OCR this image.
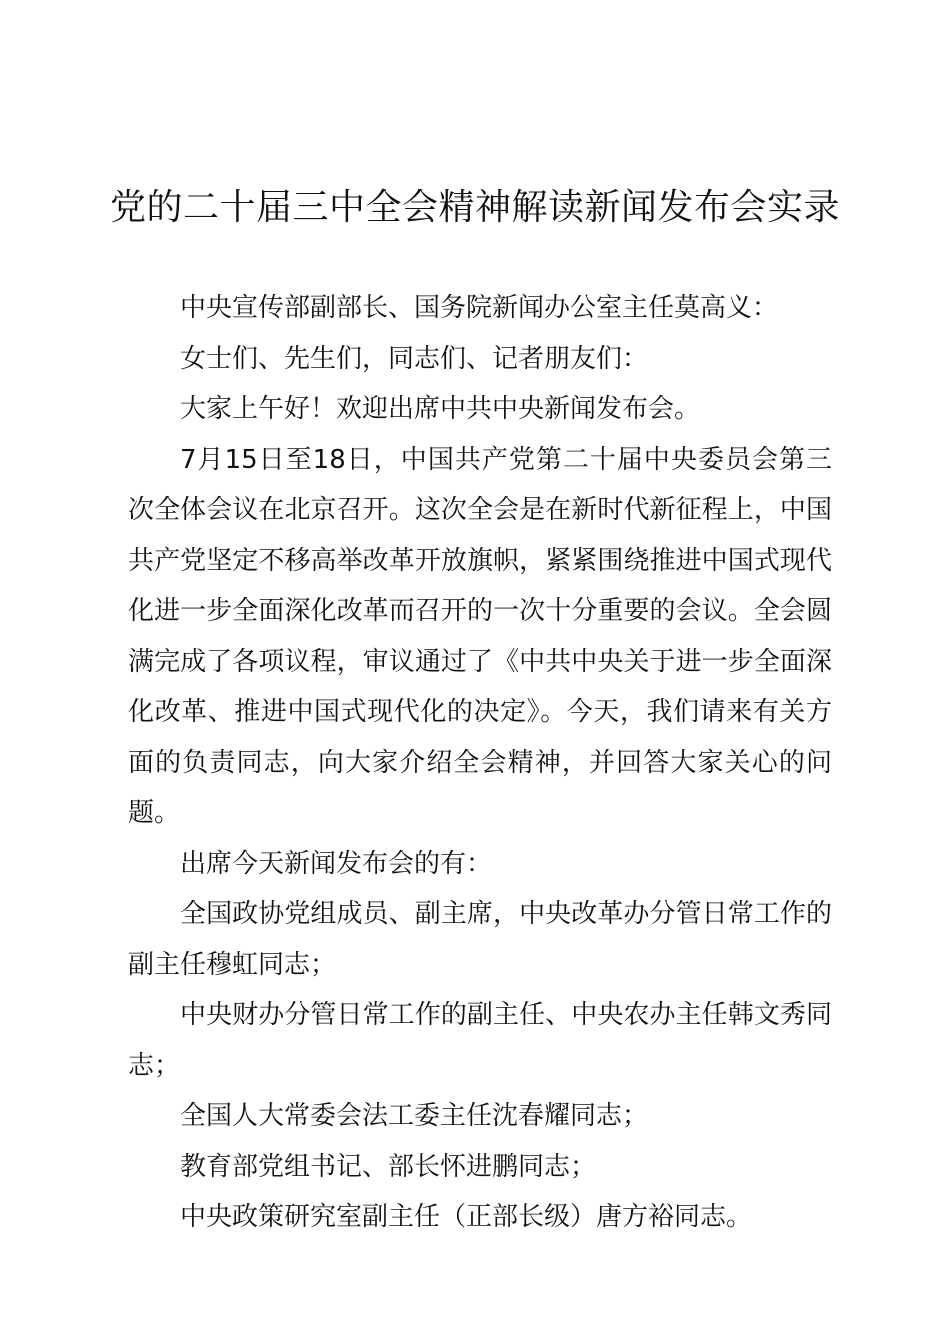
党的二十届三中全会精神解读新闻发布会实录

中央宣传部副部长、国务院新闻办公室主任莫高义：

女士们、先生们，同志们、记者朋友们：

大家上午好！欢迎出席中共中央新闻发布会。

7月15日至18日，中国共产党第二十届中央委员会第三次全体会议在北京召开。这次全会是在新时代新征程上，中国共产党坚定不移高举改革开放旗帜，紧紧围绕推进中国式现代化进一步全面深化改革而召开的一次十分重要的会议。全会圆满完成了各项议程，审议通过了《中共中央关于进一步全面深化改革、推进中国式现代化的决定》。今天，我们请来有关方面的负责同志，向大家介绍全会精神，并回答大家关心的问题。

出席今天新闻发布会的有：

全国政协党组成员、副主席，中央改革办分管日常工作的副主任穆虹同志；

中央财办分管日常工作的副主任、中央农办主任韩文秀同志；

全国人大常委会法工委主任沈春耀同志；

教育部党组书记、部长怀进鹏同志；

中央政策研究室副主任（正部长级）唐方裕同志。
